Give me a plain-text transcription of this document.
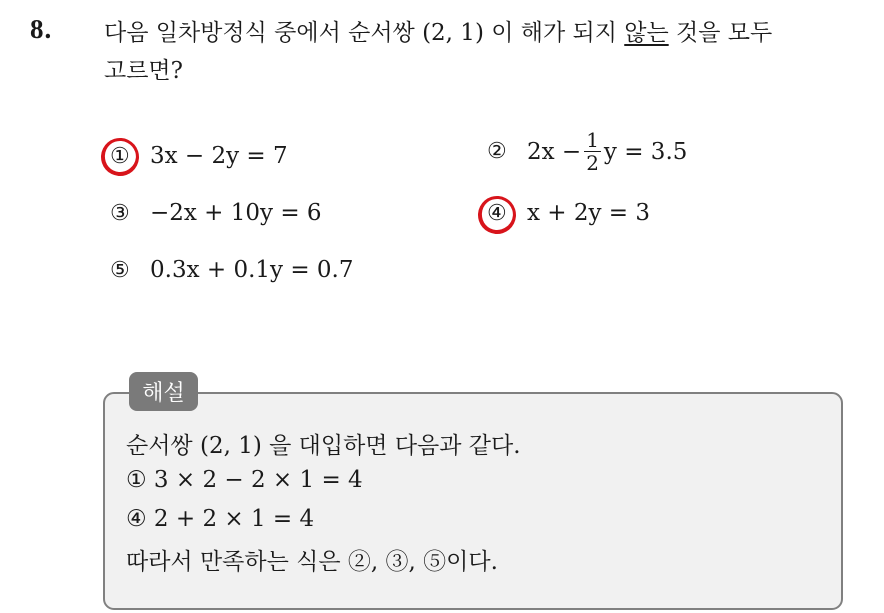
8. 다음 일차방정식 중에서 순서쌍 (2, 1) 이 해가 되지 않는 것을 모두
고르면?
① 3x − 2y = 7	② $2x - \frac{1}{2}$ y = 3.5
③ −2x + 10y = 6	④ x + 2y = 3
⑤ 0.3x + 0.1y = 0.7
해설
순서쌍 (2, 1) 을 대입하면 다음과 같다.
① 3 × 2 − 2 × 1 = 4
④ 2 + 2 × 1 = 4
따라서 만족하는 식은 ②, ③, ⑤이다.
